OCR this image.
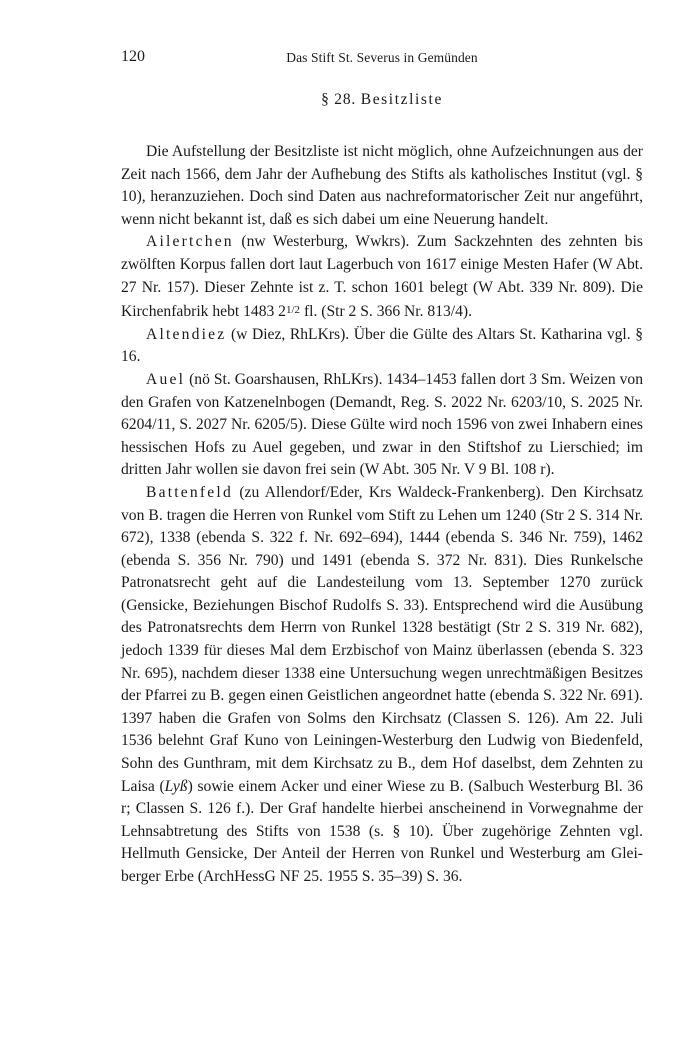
120	Das Stift St. Severus in Gemünden
§ 28. Besitzliste

Die Aufstellung der Besitzliste ist nicht möglich, ohne Aufzeichnungen aus der Zeit nach 1566, dem Jahr der Aufhebung des Stifts als katholisches Institut (vgl. § 10), heranzuziehen. Doch sind Daten aus nachreformatorischer Zeit nur angeführt, wenn nicht bekannt ist, daß es sich dabei um eine Neuerung handelt.

Ailertchen (nw Westerburg, Wwkrs). Zum Sackzehnten des zehnten bis zwölften Korpus fallen dort laut Lagerbuch von 1617 einige Mesten Hafer (W Abt. 27 Nr. 157). Dieser Zehnte ist z. T. schon 1601 belegt (W Abt. 339 Nr. 809). Die Kirchenfabrik hebt 1483 21/2 fl. (Str 2 S. 366 Nr. 813/4).

Altendiez (w Diez, RhLKrs). Über die Gülte des Altars St. Katharina vgl. § 16.

Auel (nö St. Goarshausen, RhLKrs). 1434–1453 fallen dort 3 Sm. Weizen von den Grafen von Katzenelnbogen (Demandt, Reg. S. 2022 Nr. 6203/10, S. 2025 Nr. 6204/11, S. 2027 Nr. 6205/5). Diese Gülte wird noch 1596 von zwei Inhabern eines hessischen Hofs zu Auel gegeben, und zwar in den Stiftshof zu Lierschied; im dritten Jahr wollen sie davon frei sein (W Abt. 305 Nr. V 9 Bl. 108 r).

Battenfeld (zu Allendorf/Eder, Krs Waldeck-Frankenberg). Den Kirchsatz von B. tragen die Herren von Runkel vom Stift zu Lehen um 1240 (Str 2 S. 314 Nr. 672), 1338 (ebenda S. 322 f. Nr. 692–694), 1444 (ebenda S. 346 Nr. 759), 1462 (ebenda S. 356 Nr. 790) und 1491 (ebenda S. 372 Nr. 831). Dies Runkelsche Patronatsrecht geht auf die Landesteilung vom 13. September 1270 zurück (Gensicke, Beziehungen Bischof Rudolfs S. 33). Entsprechend wird die Ausübung des Patronatsrechts dem Herrn von Runkel 1328 bestätigt (Str 2 S. 319 Nr. 682), jedoch 1339 für dieses Mal dem Erzbischof von Mainz überlassen (ebenda S. 323 Nr. 695), nachdem dieser 1338 eine Untersuchung wegen unrechtmäßigen Besitzes der Pfarrei zu B. gegen einen Geistlichen angeordnet hatte (ebenda S. 322 Nr. 691). 1397 haben die Grafen von Solms den Kirchsatz (Classen S. 126). Am 22. Juli 1536 belehnt Graf Kuno von Leiningen-Westerburg den Ludwig von Biedenfeld, Sohn des Gunthram, mit dem Kirchsatz zu B., dem Hof daselbst, dem Zehnten zu Laisa (Lyß) sowie einem Acker und einer Wiese zu B. (Salbuch Westerburg Bl. 36 r; Classen S. 126 f.). Der Graf handelte hierbei anscheinend in Vorwegnahme der Lehnsabtretung des Stifts von 1538 (s. § 10). Über zugehörige Zehnten vgl. Hellmuth Gensicke, Der Anteil der Herren von Runkel und Westerburg am Gleiberger Erbe (ArchHessG NF 25. 1955 S. 35–39) S. 36.
